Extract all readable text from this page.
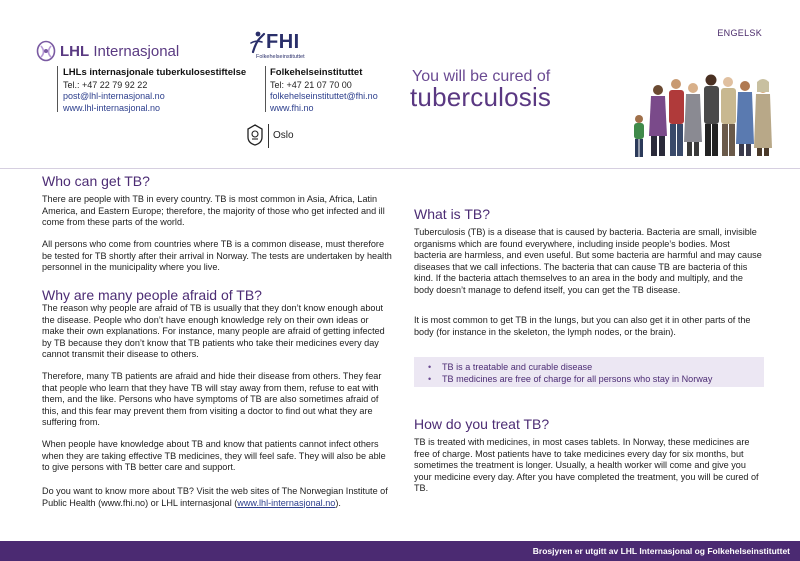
ENGELSK
LHL Internasjonal
LHLs internasjonale tuberkulosestiftelse
Tel.: +47 22 79 92 22
post@lhl-internasjonal.no
www.lhl-internasjonal.no
FHI
Folkehelseinstituttet
Folkehelseinstituttet
Tel: +47 21 07 70 00
folkehelseinstituttet@fhi.no
www.fhi.no
Oslo
You will be cured of
tuberculosis
Who can get TB?

There are people with TB in every country. TB is most common in Asia, Africa, Latin America, and Eastern Europe; therefore, the majority of those who get infected and ill come from these parts of the world.

All persons who come from countries where TB is a common disease, must therefore be tested for TB shortly after their arrival in Norway. The tests are undertaken by health personnel in the municipality where you live.

Why are many people afraid of TB?

The reason why people are afraid of TB is usually that they don’t know enough about the disease. People who don’t have enough knowledge rely on their own ideas or make their own explanations. For instance, many people are afraid of getting infected by TB because they don’t know that TB patients who take their medicines every day cannot transmit their disease to others.

Therefore, many TB patients are afraid and hide their disease from others. They fear that people who learn that they have TB will stay away from them, refuse to eat with them, and the like. Persons who have symptoms of TB are also sometimes afraid of this, and this fear may prevent them from visiting a doctor to find out what they are suffering from.

When people have knowledge about TB and know that patients cannot infect others when they are taking effective TB medicines, they will feel safe. They will also be able to give persons with TB better care and support.

Do you want to know more about TB? Visit the web sites of The Norwegian Institute of Public Health (www.fhi.no) or LHL internasjonal (www.lhl-internasjonal.no).

What is TB?

Tuberculosis (TB) is a disease that is caused by bacteria. Bacteria are small, invisible organisms which are found everywhere, including inside people’s bodies. Most bacteria are harmless, and even useful. But some bacteria are harmful and may cause diseases that we call infections. The bacteria that can cause TB are bacteria of this kind. If the bacteria attach themselves to an area in the body and multiply, and the body doesn’t manage to defend itself, you can get the TB disease.

It is most common to get TB in the lungs, but you can also get it in other parts of the body (for instance in the skeleton, the lymph nodes, or the brain).

• TB is a treatable and curable disease
• TB medicines are free of charge for all persons who stay in Norway
How do you treat TB?

TB is treated with medicines, in most cases tablets. In Norway, these medicines are free of charge. Most patients have to take medicines every day for six months, but sometimes the treatment is longer. Usually, a health worker will come and give you your medicine every day. After you have completed the treatment, you will be cured of TB.

Brosjyren er utgitt av LHL Internasjonal og Folkehelseinstituttet
